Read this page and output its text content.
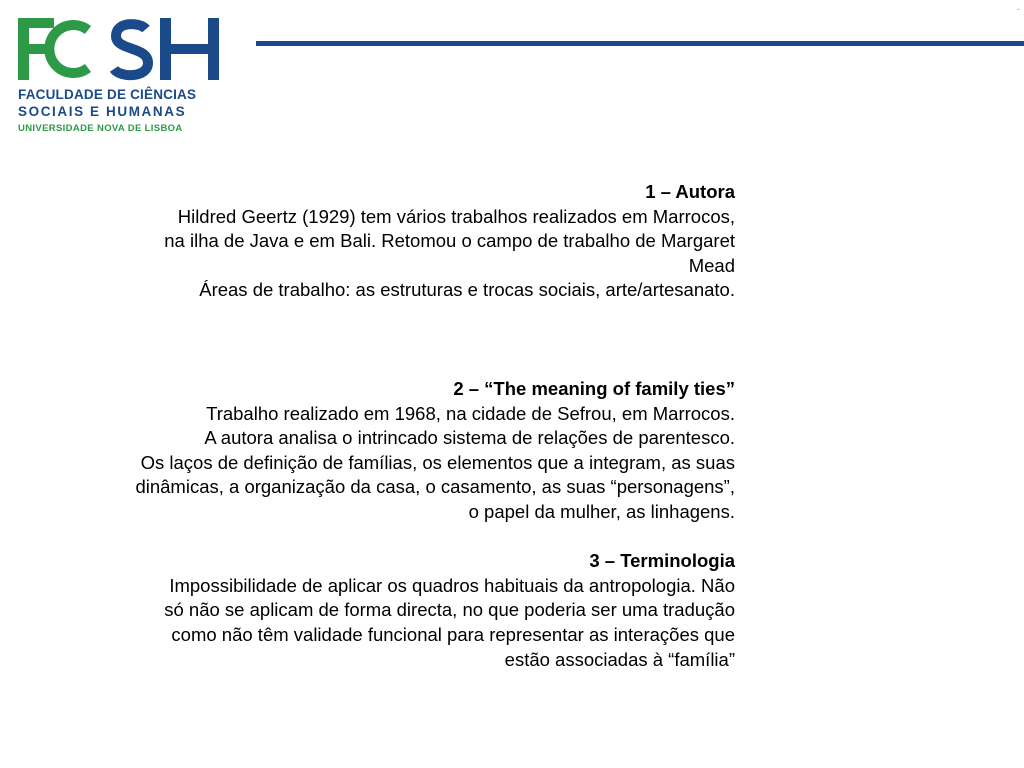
FACULDADE DE CIÊNCIAS
SOCIAIS E HUMANAS
UNIVERSIDADE NOVA DE LISBOA
-
1 – Autora
Hildred Geertz (1929) tem vários trabalhos realizados em Marrocos,
na ilha de Java e em Bali. Retomou o campo de trabalho de Margaret
Mead
Áreas de trabalho: as estruturas e trocas sociais, arte/artesanato.
2 – “The meaning of family ties”
Trabalho realizado em 1968, na cidade de Sefrou, em Marrocos.
A autora analisa o intrincado sistema de relações de parentesco.
Os laços de definição de famílias, os elementos que a integram, as suas
dinâmicas, a organização da casa, o casamento, as suas “personagens”,
o papel da mulher, as linhagens.
3 – Terminologia
Impossibilidade de aplicar os quadros habituais da antropologia. Não
só não se aplicam de forma directa, no que poderia ser uma tradução
como não têm validade funcional para representar as interações que
estão associadas à “família”
